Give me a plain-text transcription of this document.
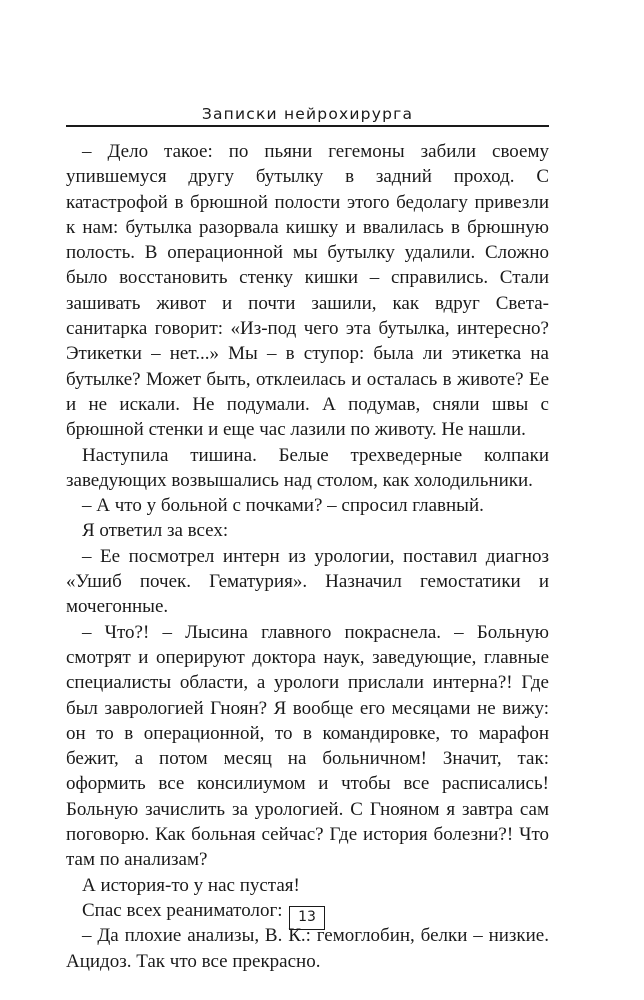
Записки нейрохирурга

– Дело такое: по пьяни гегемоны забили своему упившемуся другу бутылку в задний проход. С катастрофой в брюшной полости этого бедолагу привезли к нам: бутылка разорвала кишку и ввалилась в брюшную полость. В операционной мы бутылку удалили. Сложно было восстановить стенку кишки – справились. Стали зашивать живот и почти зашили, как вдруг Света-санитарка говорит: «Из-под чего эта бутылка, интересно? Этикетки – нет...» Мы – в ступор: была ли этикетка на бутылке? Может быть, отклеилась и осталась в животе? Ее и не искали. Не подумали. А подумав, сняли швы с брюшной стенки и еще час лазили по животу. Не нашли.

Наступила тишина. Белые трехведерные колпаки заведующих возвышались над столом, как холодильники.

– А что у больной с почками? – спросил главный.

Я ответил за всех:

– Ее посмотрел интерн из урологии, поставил диагноз «Ушиб почек. Гематурия». Назначил гемостатики и мочегонные.

– Что?! – Лысина главного покраснела. – Больную смотрят и оперируют доктора наук, заведующие, главные специалисты области, а урологи прислали интерна?! Где был заврологией Гноян? Я вообще его месяцами не вижу: он то в операционной, то в командировке, то марафон бежит, а потом месяц на больничном! Значит, так: оформить все консилиумом и чтобы все расписались! Больную зачислить за урологией. С Гнояном я завтра сам поговорю. Как больная сейчас? Где история болезни?! Что там по анализам?

А история-то у нас пустая!

Спас всех реаниматолог:

– Да плохие анализы, В. К.: гемоглобин, белки – низкие. Ацидоз. Так что все прекрасно.

13
